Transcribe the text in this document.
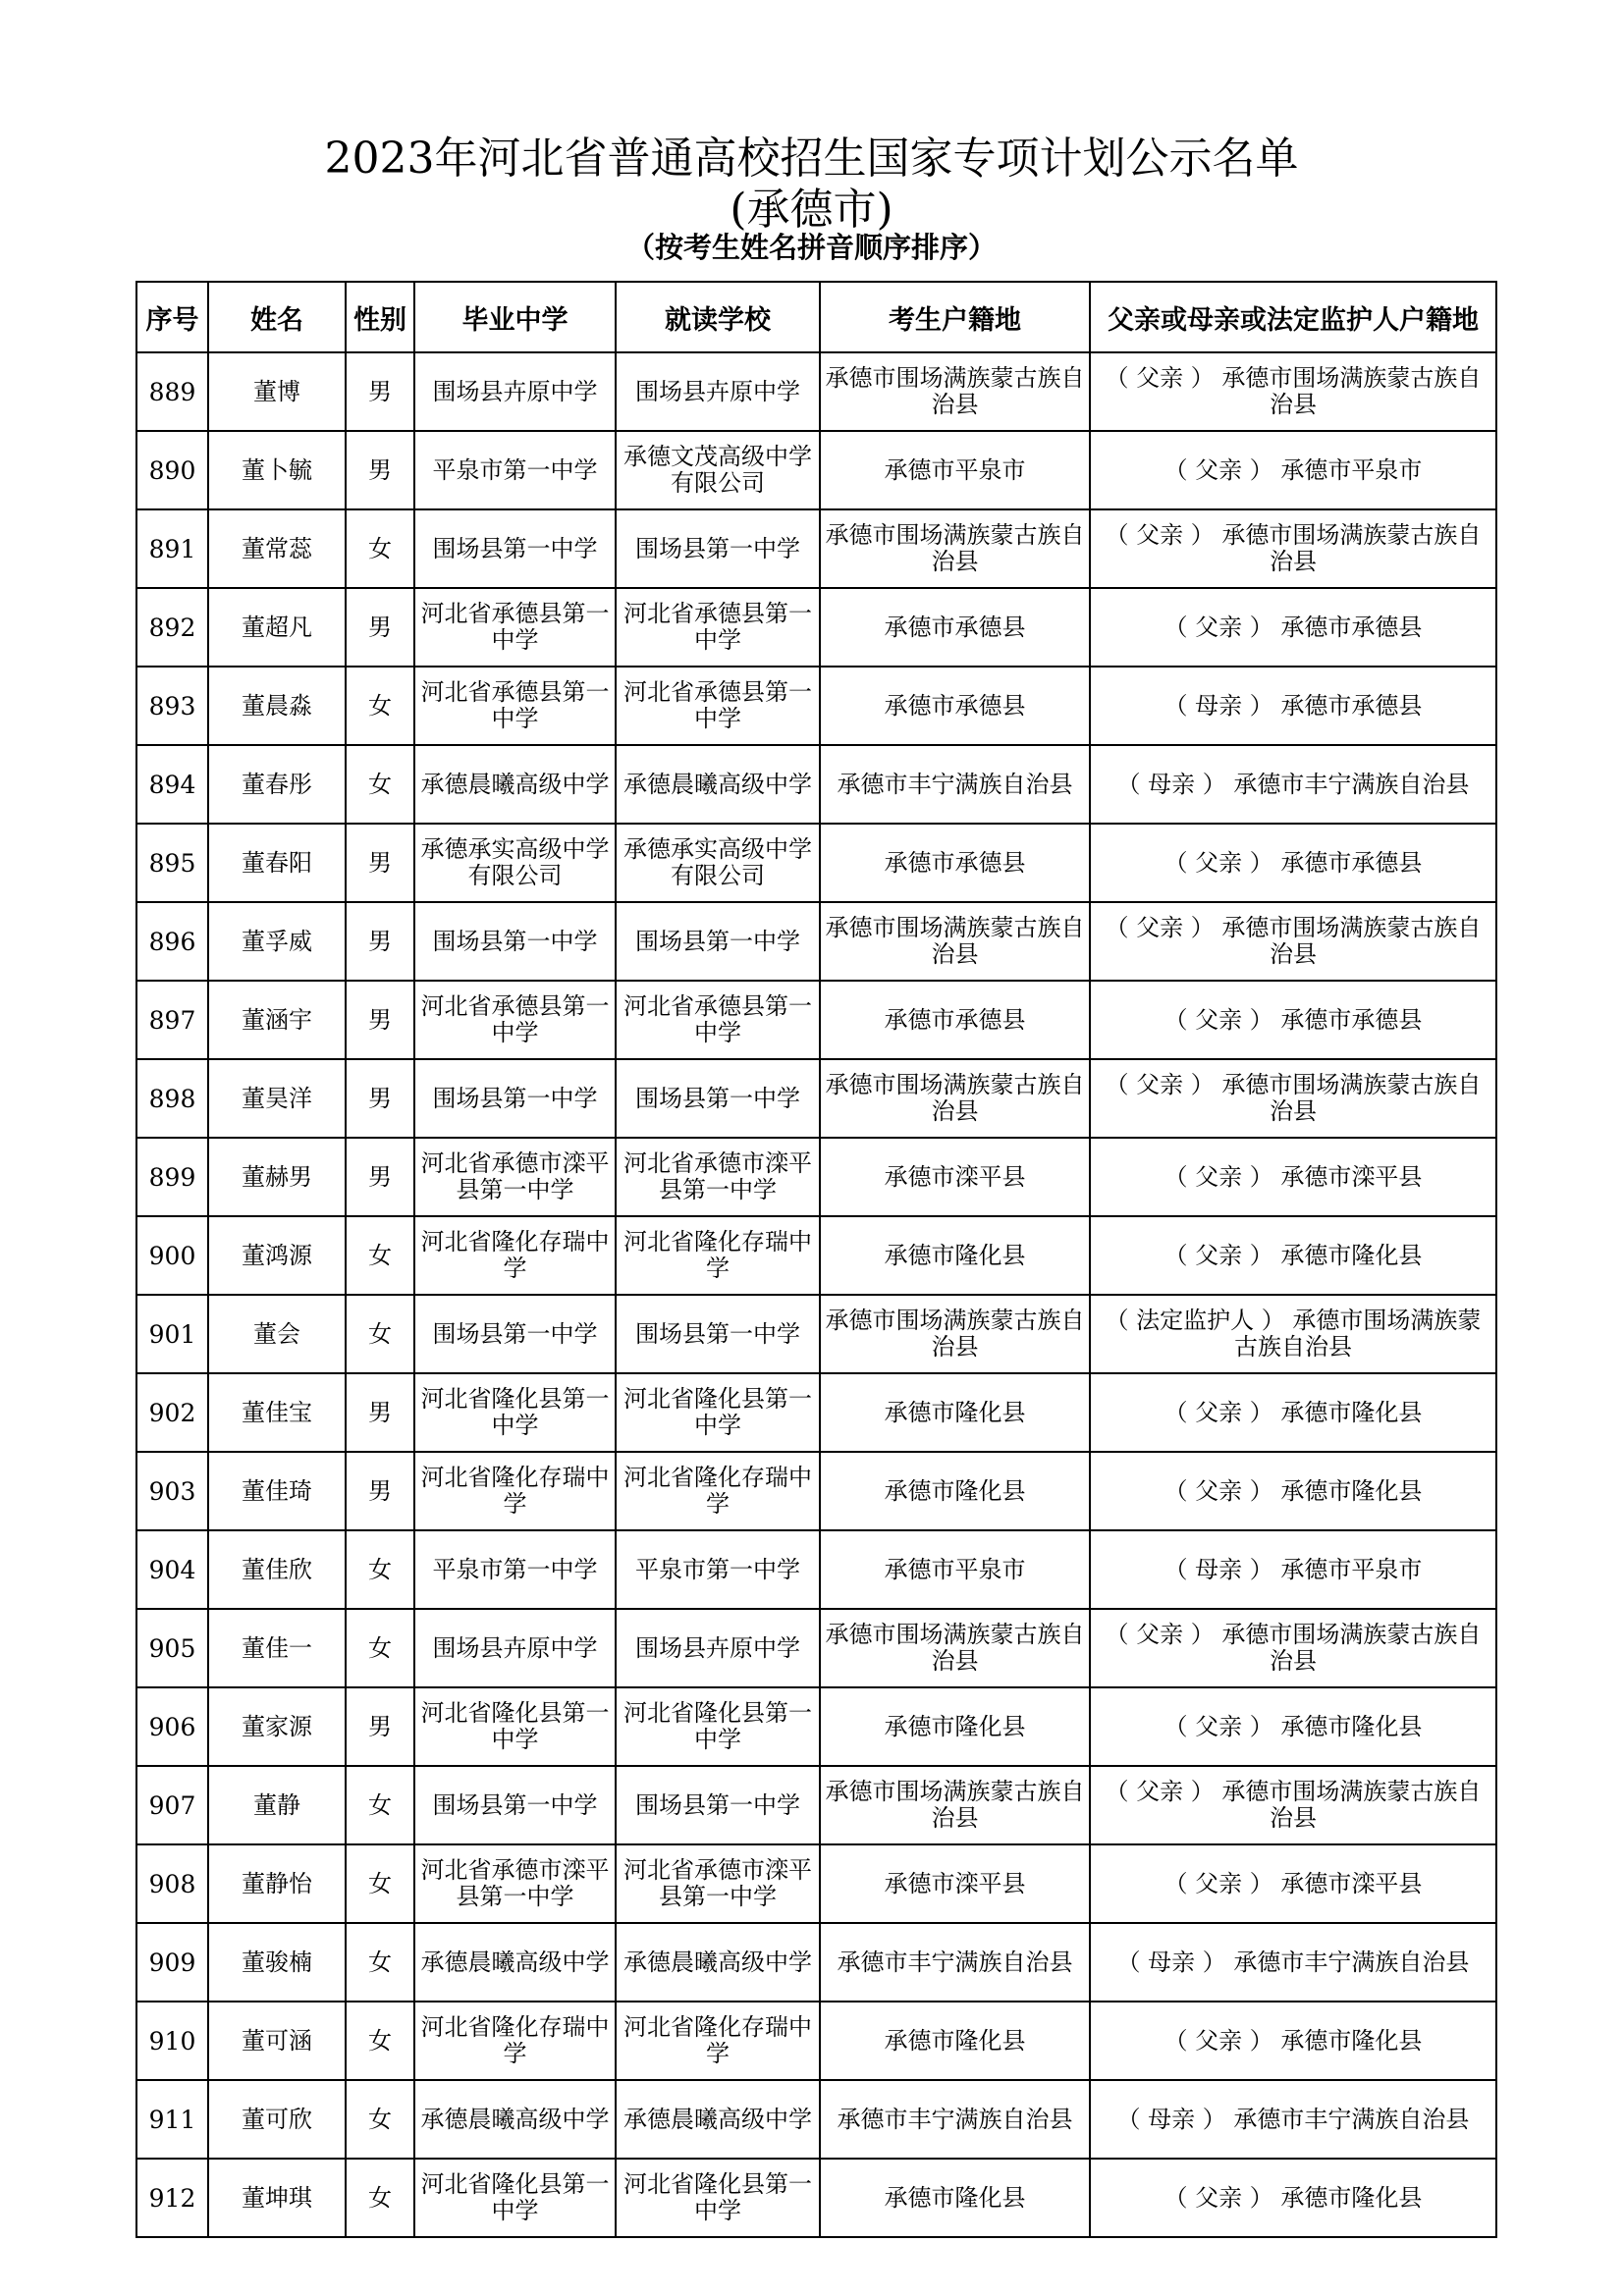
2023年河北省普通高校招生国家专项计划公示名单
(承德市)
（按考生姓名拼音顺序排序）
序号	姓名	性别	毕业中学	就读学校	考生户籍地	父亲或母亲或法定监护人户籍地
889	董博	男	围场县卉原中学	围场县卉原中学	承德市围场满族蒙古族自治县	（ 父亲 ） 承德市围场满族蒙古族自治县
890	董卜毓	男	平泉市第一中学	承德文茂高级中学有限公司	承德市平泉市	（ 父亲 ） 承德市平泉市
891	董常蕊	女	围场县第一中学	围场县第一中学	承德市围场满族蒙古族自治县	（ 父亲 ） 承德市围场满族蒙古族自治县
892	董超凡	男	河北省承德县第一中学	河北省承德县第一中学	承德市承德县	（ 父亲 ） 承德市承德县
893	董晨淼	女	河北省承德县第一中学	河北省承德县第一中学	承德市承德县	（ 母亲 ） 承德市承德县
894	董春彤	女	承德晨曦高级中学	承德晨曦高级中学	承德市丰宁满族自治县	（ 母亲 ） 承德市丰宁满族自治县
895	董春阳	男	承德承实高级中学有限公司	承德承实高级中学有限公司	承德市承德县	（ 父亲 ） 承德市承德县
896	董孚威	男	围场县第一中学	围场县第一中学	承德市围场满族蒙古族自治县	（ 父亲 ） 承德市围场满族蒙古族自治县
897	董涵宇	男	河北省承德县第一中学	河北省承德县第一中学	承德市承德县	（ 父亲 ） 承德市承德县
898	董昊洋	男	围场县第一中学	围场县第一中学	承德市围场满族蒙古族自治县	（ 父亲 ） 承德市围场满族蒙古族自治县
899	董赫男	男	河北省承德市滦平县第一中学	河北省承德市滦平县第一中学	承德市滦平县	（ 父亲 ） 承德市滦平县
900	董鸿源	女	河北省隆化存瑞中学	河北省隆化存瑞中学	承德市隆化县	（ 父亲 ） 承德市隆化县
901	董会	女	围场县第一中学	围场县第一中学	承德市围场满族蒙古族自治县	（ 法定监护人 ） 承德市围场满族蒙古族自治县
902	董佳宝	男	河北省隆化县第一中学	河北省隆化县第一中学	承德市隆化县	（ 父亲 ） 承德市隆化县
903	董佳琦	男	河北省隆化存瑞中学	河北省隆化存瑞中学	承德市隆化县	（ 父亲 ） 承德市隆化县
904	董佳欣	女	平泉市第一中学	平泉市第一中学	承德市平泉市	（ 母亲 ） 承德市平泉市
905	董佳一	女	围场县卉原中学	围场县卉原中学	承德市围场满族蒙古族自治县	（ 父亲 ） 承德市围场满族蒙古族自治县
906	董家源	男	河北省隆化县第一中学	河北省隆化县第一中学	承德市隆化县	（ 父亲 ） 承德市隆化县
907	董静	女	围场县第一中学	围场县第一中学	承德市围场满族蒙古族自治县	（ 父亲 ） 承德市围场满族蒙古族自治县
908	董静怡	女	河北省承德市滦平县第一中学	河北省承德市滦平县第一中学	承德市滦平县	（ 父亲 ） 承德市滦平县
909	董骏楠	女	承德晨曦高级中学	承德晨曦高级中学	承德市丰宁满族自治县	（ 母亲 ） 承德市丰宁满族自治县
910	董可涵	女	河北省隆化存瑞中学	河北省隆化存瑞中学	承德市隆化县	（ 父亲 ） 承德市隆化县
911	董可欣	女	承德晨曦高级中学	承德晨曦高级中学	承德市丰宁满族自治县	（ 母亲 ） 承德市丰宁满族自治县
912	董坤琪	女	河北省隆化县第一中学	河北省隆化县第一中学	承德市隆化县	（ 父亲 ） 承德市隆化县
